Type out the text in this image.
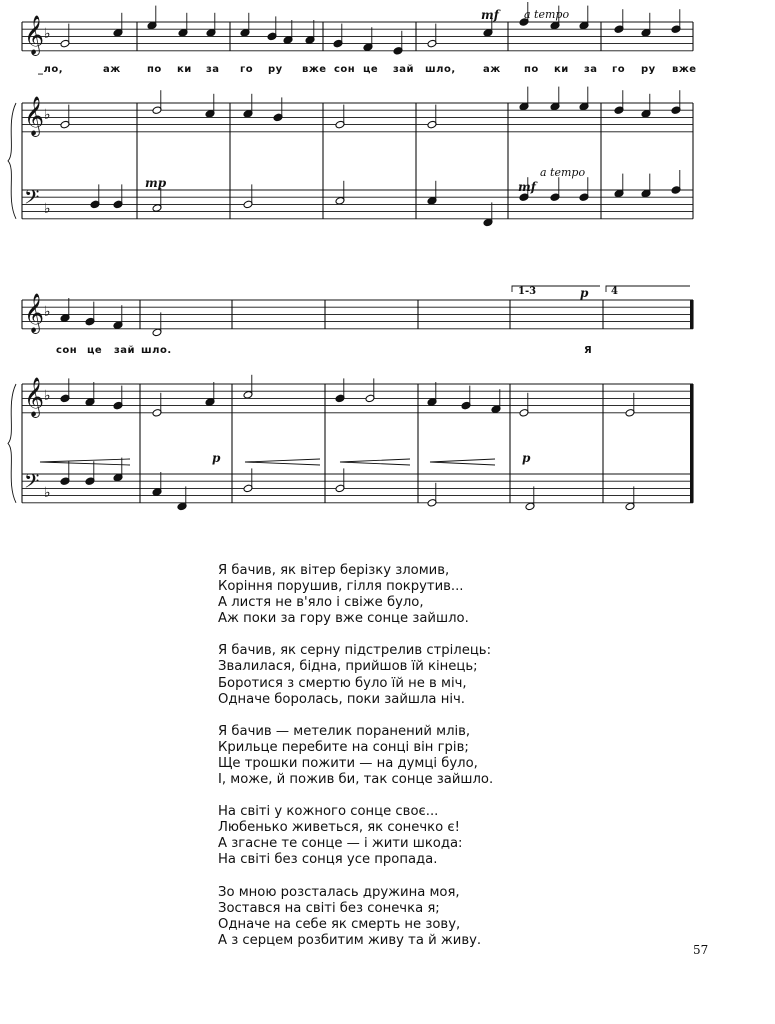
𝄞 ♭
𝄞 ♭
𝄢 ♭
𝄞 ♭
𝄞 ♭
𝄢 ♭
_ло,	аж	по ки за го ру вже сон це зай шло,	аж по ки за го ру вже
mf a tempo
mp	mf
a tempo
сон це зай шло.	Я
1-3	4
p
p	p
Я бачив, як вітер берізку зломив,
Коріння порушив, гілля покрутив...
А листя не в'яло і свіже було,
Аж поки за гору вже сонце зайшло.
Я бачив, як серну підстрелив стрілець:
Звалилася, бідна, прийшов їй кінець;
Боротися з смертю було їй не в міч,
Одначе боролась, поки зайшла ніч.
Я бачив — метелик поранений млів,
Крильце перебите на сонці він грів;
Ще трошки пожити — на думці було,
І, може, й пожив би, так сонце зайшло.
На світі у кожного сонце своє...
Любенько живеться, як сонечко є!
А згасне те сонце — і жити шкода:
На світі без сонця усе пропада.
Зо мною розсталась дружина моя,
Зостався на світі без сонечка я;
Одначе на себе як смерть не зову,
А з серцем розбитим живу та й живу.
57
